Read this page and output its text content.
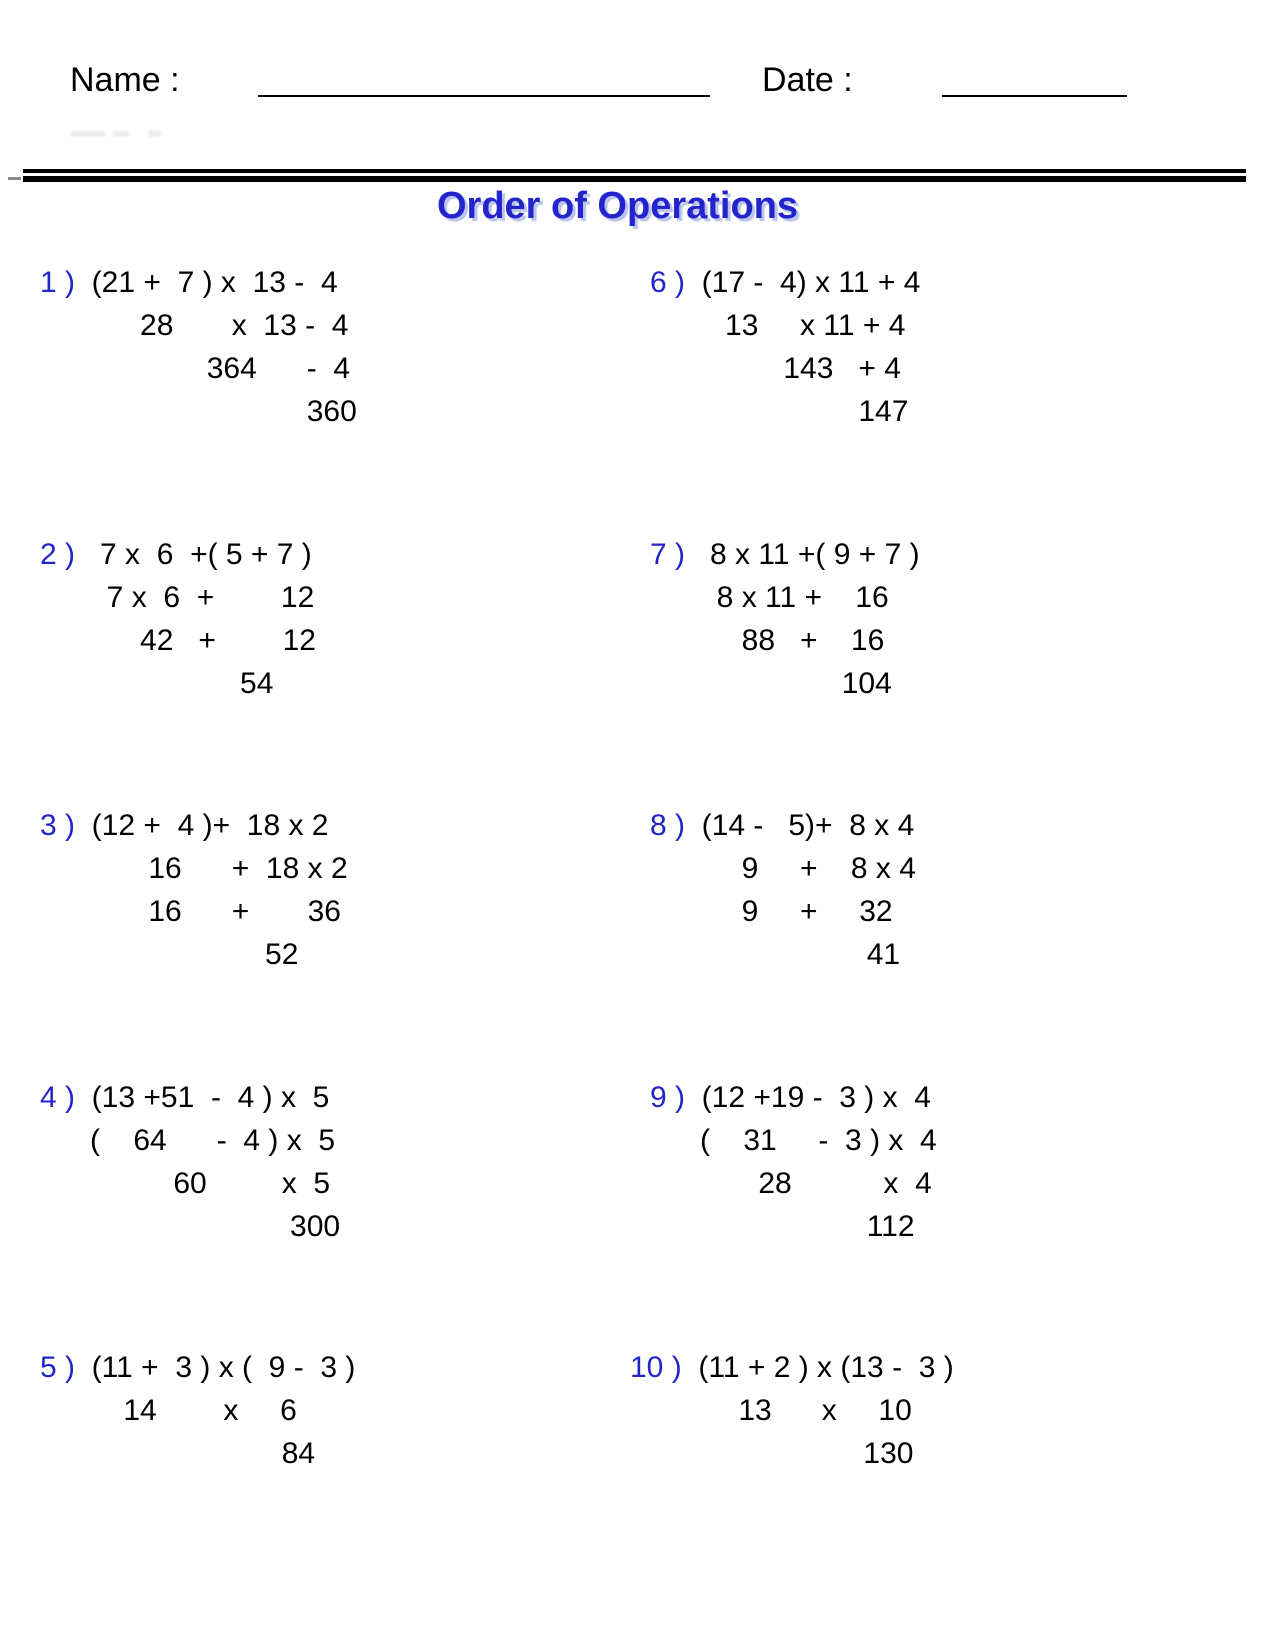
Name :	Date :
Order of Operations
1 )  (21 +  7 ) x  13 -  4
28       x  13 -  4
364      -  4
360
2 )   7 x  6  +( 5 + 7 )
7 x  6  +        12
42   +        12
54
3 )  (12 +  4 )+  18 x 2
16      +  18 x 2
16      +       36
52
4 )  (13 +51  -  4 ) x  5
(    64      -  4 ) x  5
60         x  5
300
5 )  (11 +  3 ) x (  9 -  3 )
14        x     6
84
6 )  (17 -  4) x 11 + 4
13     x 11 + 4
143   + 4
147
7 )   8 x 11 +( 9 + 7 )
8 x 11 +    16
88   +    16
104
8 )  (14 -   5)+  8 x 4
9     +    8 x 4
9     +     32
41
9 )  (12 +19 -  3 ) x  4
(    31     -  3 ) x  4
28           x  4
112
10 )  (11 + 2 ) x (13 -  3 )
13      x     10
130
